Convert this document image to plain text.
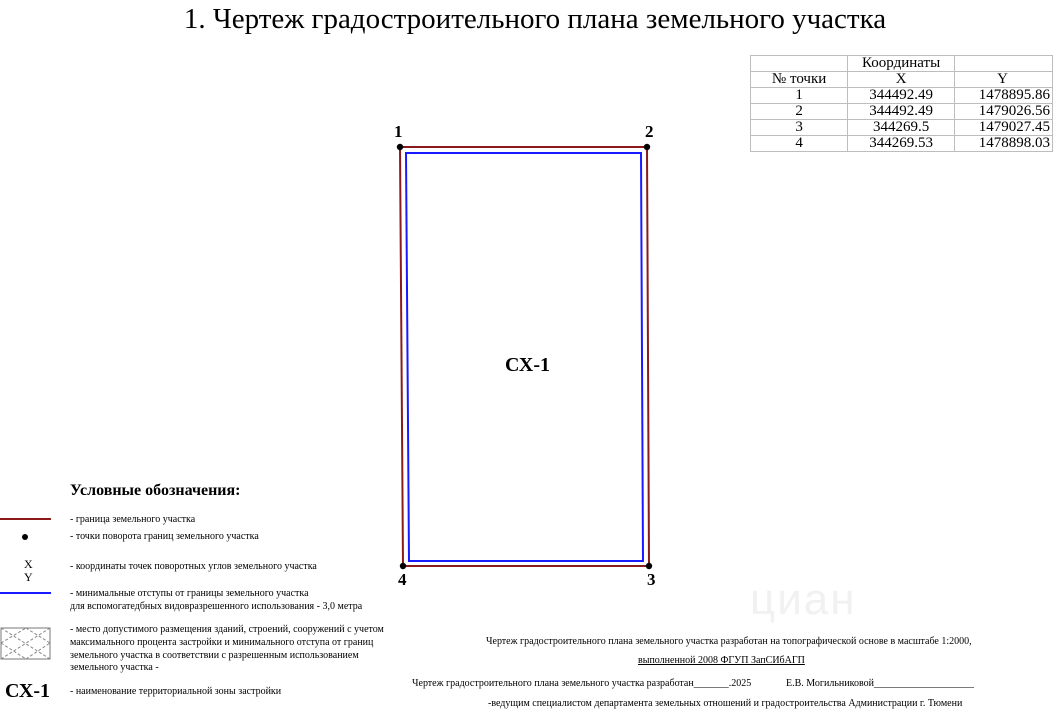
1. Чертеж градостроительного плана земельного участка
	Координаты	
№ точки	X	Y
1	344492.49	1478895.86
2	344492.49	1479026.56
3	344269.5	1479027.45
4	344269.53	1478898.03
1	2
3
4
СХ-1
Условные обозначения:
- граница земельного участка
- точки поворота границ земельного участка
X
Y
- координаты точек поворотных углов земельного участка
- минимальные отступы от границы земельного участка
для вспомогатедбных видовразрешенного использования - 3,0 метра
- место допустимого размещения зданий, строений, сооружений с учетом
максимального процента застройки и минимального отступа от границ
земельного участка в соответствии с разрешенным использованием
земельного участка -
СХ-1 - наименование территориальной зоны застройки
циан
Чертеж градостроительного плана земельного участка разработан на топографической основе в масштабе 1:2000,
выполненной 2008 ФГУП ЗапСИбАГП
Чертеж градостроительного плана земельного участка разработан_______.2025	Е.В. Могильниковой____________________
-ведущим специалистом департамента земельных отношений и градостроительства Администрации г. Тюмени
